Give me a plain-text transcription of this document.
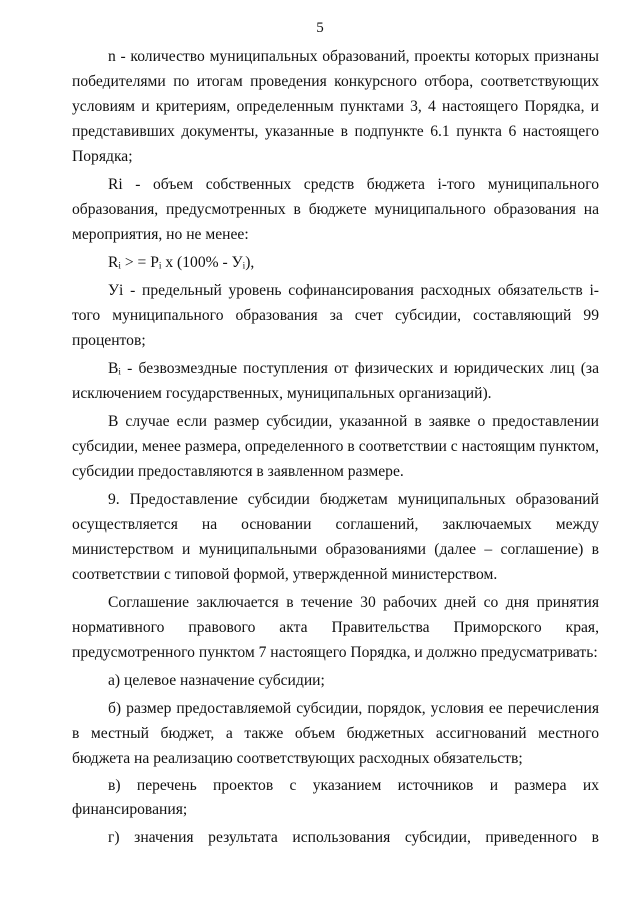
5

n - количество муниципальных образований, проекты которых признаны победителями по итогам проведения конкурсного отбора, соответствующих условиям и критериям, определенным пунктами 3, 4 настоящего Порядка, и представивших документы, указанные в подпункте 6.1 пункта 6 настоящего Порядка;

Ri - объем собственных средств бюджета i-того муниципального образования, предусмотренных в бюджете муниципального образования на мероприятия, но не менее:

Rᵢ > = Pᵢ x (100% - Уᵢ),

Уi - предельный уровень софинансирования расходных обязательств i-того муниципального образования за счет субсидии, составляющий 99 процентов;

Bᵢ - безвозмездные поступления от физических и юридических лиц (за исключением государственных, муниципальных организаций).

В случае если размер субсидии, указанной в заявке о предоставлении субсидии, менее размера, определенного в соответствии с настоящим пунктом, субсидии предоставляются в заявленном размере.

9. Предоставление субсидии бюджетам муниципальных образований осуществляется на основании соглашений, заключаемых между министерством и муниципальными образованиями (далее – соглашение) в соответствии с типовой формой, утвержденной министерством.

Соглашение заключается в течение 30 рабочих дней со дня принятия нормативного правового акта Правительства Приморского края, предусмотренного пунктом 7 настоящего Порядка, и должно предусматривать:

а) целевое назначение субсидии;

б) размер предоставляемой субсидии, порядок, условия ее перечисления в местный бюджет, а также объем бюджетных ассигнований местного бюджета на реализацию соответствующих расходных обязательств;

в) перечень проектов с указанием источников и размера их финансирования;

г) значения результата использования субсидии, приведенного в
